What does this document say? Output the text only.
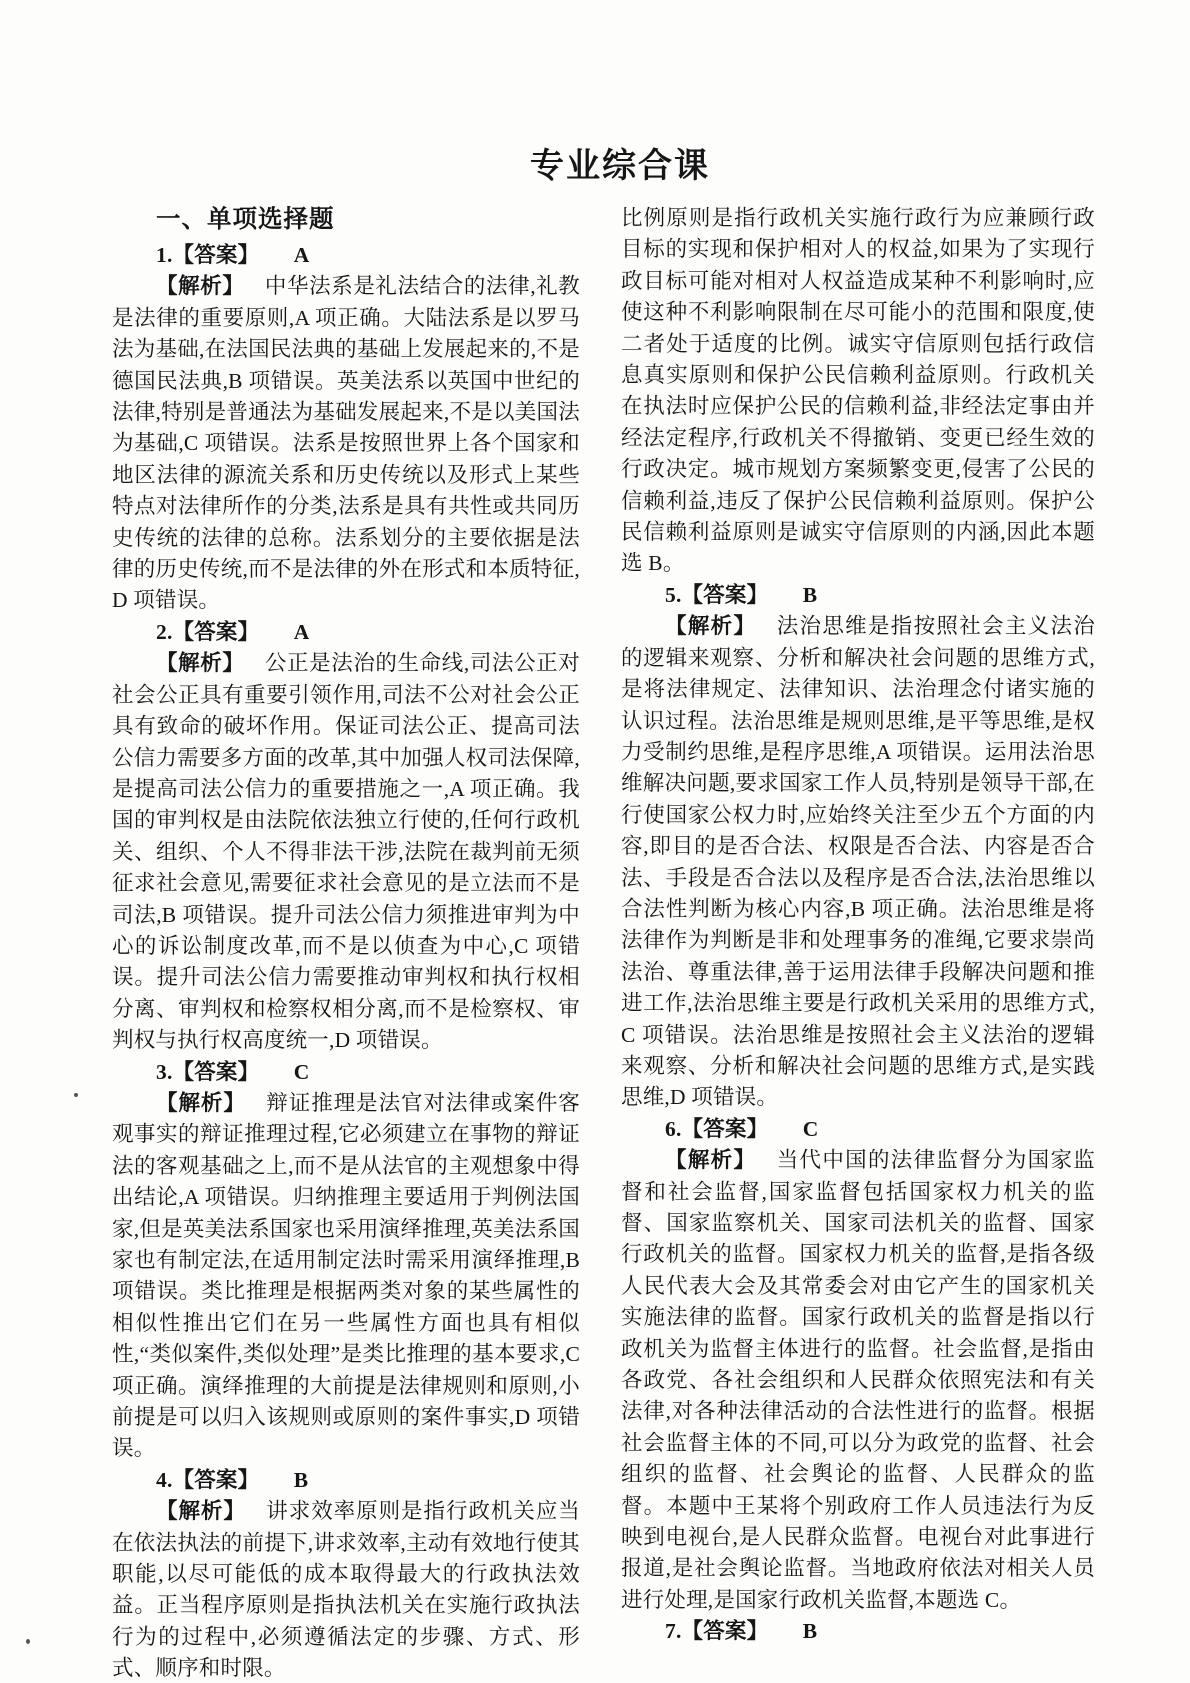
专业综合课
一、单项选择题

1.【答案】 A

【解析】 中华法系是礼法结合的法律,礼教是法律的重要原则,A 项正确。大陆法系是以罗马法为基础,在法国民法典的基础上发展起来的,不是德国民法典,B 项错误。英美法系以英国中世纪的法律,特别是普通法为基础发展起来,不是以美国法为基础,C 项错误。法系是按照世界上各个国家和地区法律的源流关系和历史传统以及形式上某些特点对法律所作的分类,法系是具有共性或共同历史传统的法律的总称。法系划分的主要依据是法律的历史传统,而不是法律的外在形式和本质特征,D 项错误。

2.【答案】 A

【解析】 公正是法治的生命线,司法公正对社会公正具有重要引领作用,司法不公对社会公正具有致命的破坏作用。保证司法公正、提高司法公信力需要多方面的改革,其中加强人权司法保障,是提高司法公信力的重要措施之一,A 项正确。我国的审判权是由法院依法独立行使的,任何行政机关、组织、个人不得非法干涉,法院在裁判前无须征求社会意见,需要征求社会意见的是立法而不是司法,B 项错误。提升司法公信力须推进审判为中心的诉讼制度改革,而不是以侦查为中心,C 项错误。提升司法公信力需要推动审判权和执行权相分离、审判权和检察权相分离,而不是检察权、审判权与执行权高度统一,D 项错误。

3.【答案】 C

【解析】 辩证推理是法官对法律或案件客观事实的辩证推理过程,它必须建立在事物的辩证法的客观基础之上,而不是从法官的主观想象中得出结论,A 项错误。归纳推理主要适用于判例法国家,但是英美法系国家也采用演绎推理,英美法系国家也有制定法,在适用制定法时需采用演绎推理,B 项错误。类比推理是根据两类对象的某些属性的相似性推出它们在另一些属性方面也具有相似性,“类似案件,类似处理”是类比推理的基本要求,C 项正确。演绎推理的大前提是法律规则和原则,小前提是可以归入该规则或原则的案件事实,D 项错误。

4.【答案】 B

【解析】 讲求效率原则是指行政机关应当在依法执法的前提下,讲求效率,主动有效地行使其职能,以尽可能低的成本取得最大的行政执法效益。正当程序原则是指执法机关在实施行政执法行为的过程中,必须遵循法定的步骤、方式、形式、顺序和时限。

比例原则是指行政机关实施行政行为应兼顾行政目标的实现和保护相对人的权益,如果为了实现行政目标可能对相对人权益造成某种不利影响时,应使这种不利影响限制在尽可能小的范围和限度,使二者处于适度的比例。诚实守信原则包括行政信息真实原则和保护公民信赖利益原则。行政机关在执法时应保护公民的信赖利益,非经法定事由并经法定程序,行政机关不得撤销、变更已经生效的行政决定。城市规划方案频繁变更,侵害了公民的信赖利益,违反了保护公民信赖利益原则。保护公民信赖利益原则是诚实守信原则的内涵,因此本题选 B。

5.【答案】 B

【解析】 法治思维是指按照社会主义法治的逻辑来观察、分析和解决社会问题的思维方式,是将法律规定、法律知识、法治理念付诸实施的认识过程。法治思维是规则思维,是平等思维,是权力受制约思维,是程序思维,A 项错误。运用法治思维解决问题,要求国家工作人员,特别是领导干部,在行使国家公权力时,应始终关注至少五个方面的内容,即目的是否合法、权限是否合法、内容是否合法、手段是否合法以及程序是否合法,法治思维以合法性判断为核心内容,B 项正确。法治思维是将法律作为判断是非和处理事务的准绳,它要求崇尚法治、尊重法律,善于运用法律手段解决问题和推进工作,法治思维主要是行政机关采用的思维方式,C 项错误。法治思维是按照社会主义法治的逻辑来观察、分析和解决社会问题的思维方式,是实践思维,D 项错误。

6.【答案】 C

【解析】 当代中国的法律监督分为国家监督和社会监督,国家监督包括国家权力机关的监督、国家监察机关、国家司法机关的监督、国家行政机关的监督。国家权力机关的监督,是指各级人民代表大会及其常委会对由它产生的国家机关实施法律的监督。国家行政机关的监督是指以行政机关为监督主体进行的监督。社会监督,是指由各政党、各社会组织和人民群众依照宪法和有关法律,对各种法律活动的合法性进行的监督。根据社会监督主体的不同,可以分为政党的监督、社会组织的监督、社会舆论的监督、人民群众的监督。本题中王某将个别政府工作人员违法行为反映到电视台,是人民群众监督。电视台对此事进行报道,是社会舆论监督。当地政府依法对相关人员进行处理,是国家行政机关监督,本题选 C。

7.【答案】 B
